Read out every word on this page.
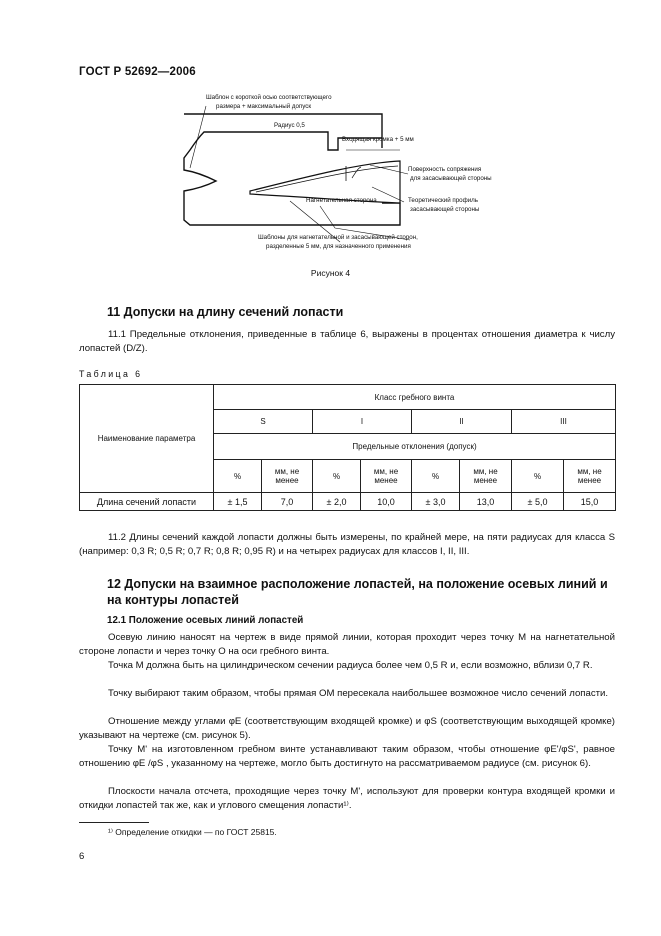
ГОСТ Р 52692—2006
Шаблон с короткой осью соответствующего
размера + максимальный допуск
Радиус 0,5
Входящая кромка + 5 мм
Поверхность сопряжения
для засасывающей стороны
Нагнетательная сторона	Теоретический профиль
засасывающей стороны
Шаблоны для нагнетательной и засасывающей сторон,
разделенные 5 мм, для назначенного применения
Рисунок 4
11 Допуски на длину сечений лопасти
11.1 Предельные отклонения, приведенные в таблице 6, выражены в процентах отношения диаметра к числу лопастей (D/Z).
Таблица 6
Наименование параметра	Класс гребного винта							
	S		I		II		III	
	Предельные отклонения (допуск)							
	%	мм, не менее	%	мм, не менее	%	мм, не менее	%	мм, не менее
Длина сечений лопасти	± 1,5	7,0	± 2,0	10,0	± 3,0	13,0	± 5,0	15,0
11.2 Длины сечений каждой лопасти должны быть измерены, по крайней мере, на пяти радиусах для класса S (например: 0,3 R; 0,5 R; 0,7 R; 0,8 R; 0,95 R) и на четырех радиусах для классов I, II, III.
12 Допуски на взаимное расположение лопастей, на положение осевых линий и на контуры лопастей
12.1 Положение осевых линий лопастей
Осевую линию наносят на чертеж в виде прямой линии, которая проходит через точку M на нагнетательной стороне лопасти и через точку O на оси гребного винта.
Точка M должна быть на цилиндрическом сечении радиуса более чем 0,5 R и, если возможно, вблизи 0,7 R.
Точку выбирают таким образом, чтобы прямая OM пересекала наибольшее возможное число сечений лопасти.
Отношение между углами φE (соответствующим входящей кромке) и φS (соответствующим выходящей кромке) указывают на чертеже (см. рисунок 5).
Точку M' на изготовленном гребном винте устанавливают таким образом, чтобы отношение φE'/φS', равное отношению φE /φS , указанному на чертеже, могло быть достигнуто на рассматриваемом радиусе (см. рисунок 6).
Плоскости начала отсчета, проходящие через точку M', используют для проверки контура входящей кромки и откидки лопастей так же, как и углового смещения лопасти¹⁾.
¹⁾ Определение откидки — по ГОСТ 25815.
6
